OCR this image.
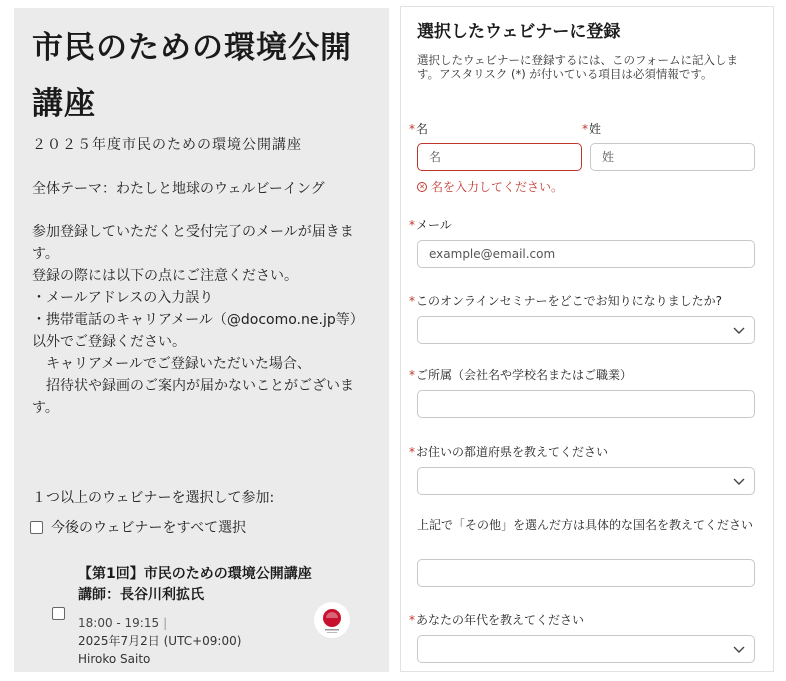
市民のための環境公開講座
２０２５年度市民のための環境公開講座
全体テーマ：わたしと地球のウェルビーイング
参加登録していただくと受付完了のメールが届きます。
登録の際には以下の点にご注意ください。
・メールアドレスの入力誤り
・携帯電話のキャリアメール（@docomo.ne.jp等）以外でご登録ください。
　キャリアメールでご登録いただいた場合、
　招待状や録画のご案内が届かないことがございます。
１つ以上のウェビナーを選択して参加:
今後のウェビナーをすべて選択
【第1回】市民のための環境公開講座　講師：長谷川利拡氏
18:00 - 19:15 |
2025年7月2日 (UTC+09:00)
Hiroko Saito
選択したウェビナーに登録
選択したウェビナーに登録するには、このフォームに記入します。アスタリスク (*) が付いている項目は必須情報です。
*名	*姓
名	姓
✕ 名を入力してください。
*メール
example@email.com
*このオンラインセミナーをどこでお知りになりましたか?
*ご所属（会社名や学校名またはご職業）
*お住いの都道府県を教えてください
上記で「その他」を選んだ方は具体的な国名を教えてください
*あなたの年代を教えてください
